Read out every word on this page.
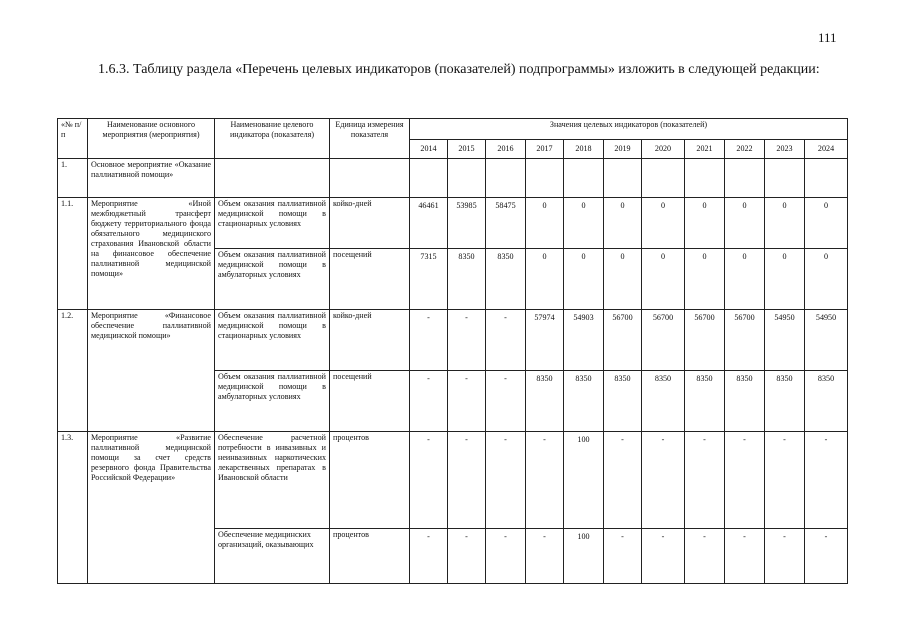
111
1.6.3. Таблицу раздела «Перечень целевых индикаторов (показателей) подпрограммы» изложить в следующей редакции:
«№ п/п	Наименование основного мероприятия (мероприятия)	Наименование целевого индикатора (показателя)	Единица измерения показателя	Значения целевых индикаторов (показателей)										
				2014	2015	2016	2017	2018	2019	2020	2021	2022	2023	2024
1.	Основное мероприятие «Оказание паллиативной помощи»													
1.1.	Мероприятие «Иной межбюджетный трансферт бюджету территориального фонда обязательного медицинского страхования Ивановской области на финансовое обеспечение паллиативной медицинской помощи»	Объем оказания паллиативной медицинской помощи в стационарных условиях	койко-дней	46461	53985	58475	0	0	0	0	0	0	0	0
		Объем оказания паллиативной медицинской помощи в амбулаторных условиях	посещений	7315	8350	8350	0	0	0	0	0	0	0	0
1.2.	Мероприятие «Финансовое обеспечение паллиативной медицинской помощи»	Объем оказания паллиативной медицинской помощи в стационарных условиях	койко-дней	-	-	-	57974	54903	56700	56700	56700	56700	54950	54950
		Объем оказания паллиативной медицинской помощи в амбулаторных условиях	посещений	-	-	-	8350	8350	8350	8350	8350	8350	8350	8350
1.3.	Мероприятие «Развитие паллиативной медицинской помощи за счет средств резервного фонда Правительства Российской Федерации»	Обеспечение расчетной потребности в инвазивных и неинвазивных наркотических лекарственных препаратах в Ивановской области	процентов	-	-	-	-	100	-	-	-	-	-	-
		Обеспечение медицинских организаций, оказывающих	процентов	-	-	-	-	100	-	-	-	-	-	-
